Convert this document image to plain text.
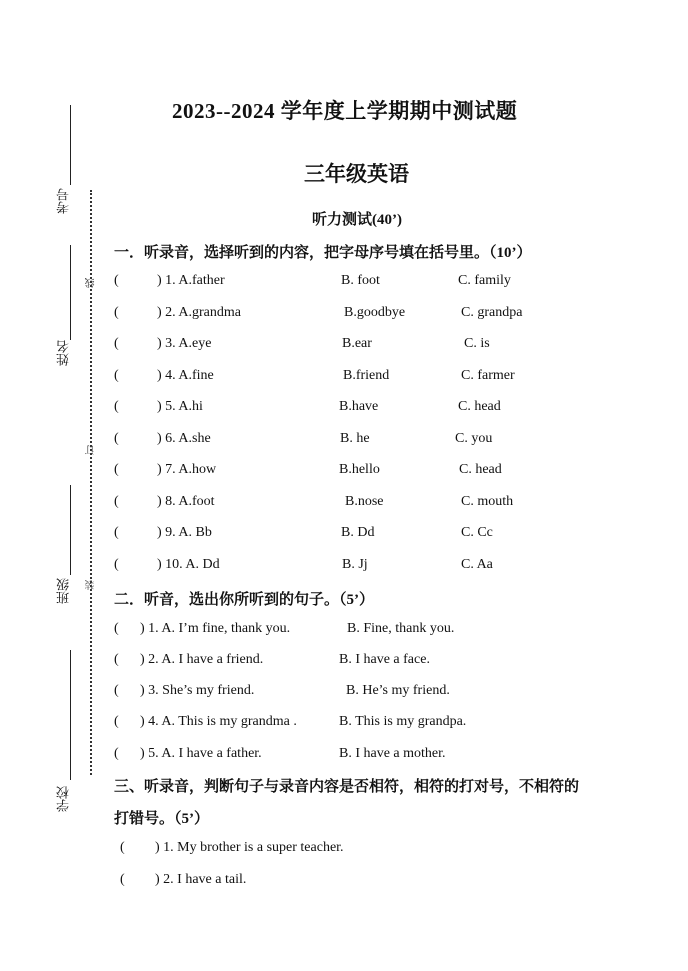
考号
姓名
班级
学校
线
订
装
2023--2024 学年度上学期期中测试题
三年级英语
听力测试(40’)
一．听录音，选择听到的内容，把字母序号填在括号里。（10’）
(	) 1. A.father	B. foot	C. family
(	) 2. A.grandma	B.goodbye	C. grandpa
(	) 3. A.eye	B.ear	C. is
(	) 4. A.fine	B.friend	C. farmer
(	) 5. A.hi	B.have	C. head
(	) 6. A.she	B. he	C. you
(	) 7. A.how	B.hello	C. head
(	) 8. A.foot	B.nose	C. mouth
(	) 9. A. Bb	B. Dd	C. Cc
(	) 10. A. Dd	B. Jj	C. Aa
二．听音，选出你所听到的句子。（5’）
( ) 1. A. I’m fine, thank you.	B. Fine, thank you.
( ) 2. A. I have a friend.	B. I have a face.
( ) 3. She’s my friend.	B. He’s my friend.
( ) 4. A. This is my grandma .	B. This is my grandpa.
( ) 5. A. I have a father.	B. I have a mother.
三、听录音，判断句子与录音内容是否相符，相符的打对号，不相符的
打错号。（5’）
( ) 1. My brother is a super teacher.
( ) 2. I have a tail.
